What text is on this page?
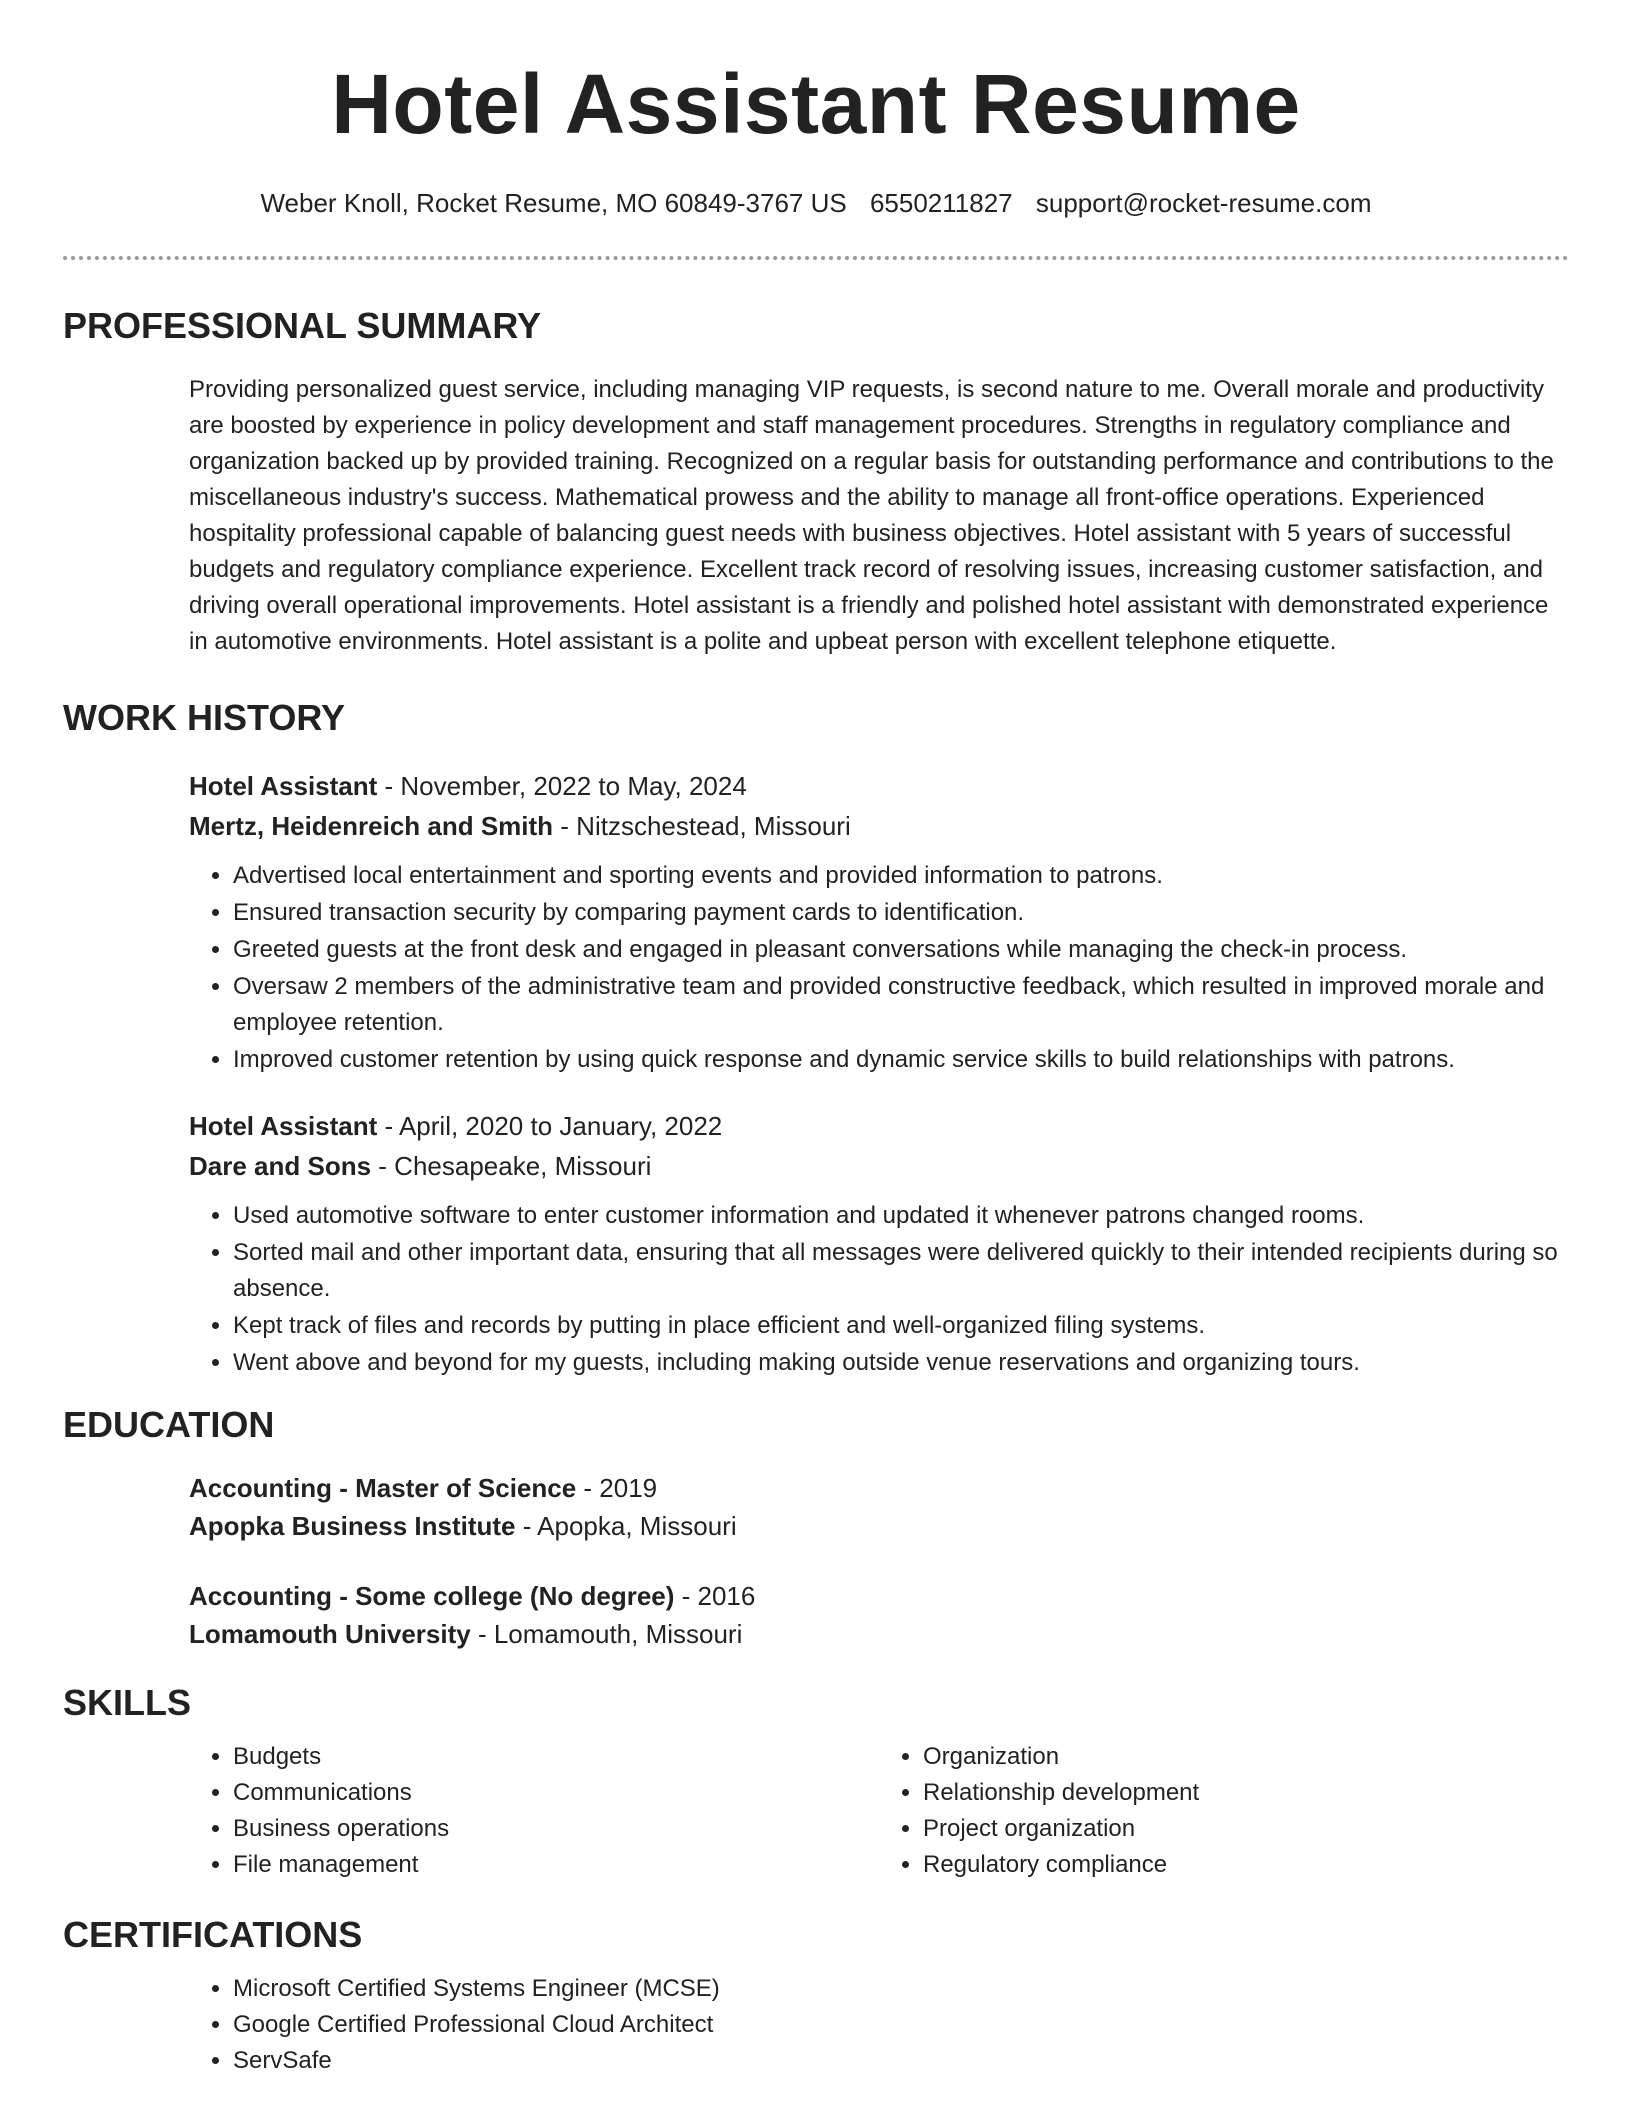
Hotel Assistant Resume
Weber Knoll, Rocket Resume, MO 60849-3767 US 6550211827 support@rocket-resume.com
PROFESSIONAL SUMMARY

Providing personalized guest service, including managing VIP requests, is second nature to me. Overall morale and productivity are boosted by experience in policy development and staff management procedures. Strengths in regulatory compliance and organization backed up by provided training. Recognized on a regular basis for outstanding performance and contributions to the miscellaneous industry's success. Mathematical prowess and the ability to manage all front-office operations. Experienced hospitality professional capable of balancing guest needs with business objectives. Hotel assistant with 5 years of successful budgets and regulatory compliance experience. Excellent track record of resolving issues, increasing customer satisfaction, and driving overall operational improvements. Hotel assistant is a friendly and polished hotel assistant with demonstrated experience in automotive environments. Hotel assistant is a polite and upbeat person with excellent telephone etiquette.

WORK HISTORY
Hotel Assistant - November, 2022 to May, 2024
Mertz, Heidenreich and Smith - Nitzschestead, Missouri
• Advertised local entertainment and sporting events and provided information to patrons.
• Ensured transaction security by comparing payment cards to identification.
• Greeted guests at the front desk and engaged in pleasant conversations while managing the check-in process.
• Oversaw 2 members of the administrative team and provided constructive feedback, which resulted in improved morale and employee retention.
• Improved customer retention by using quick response and dynamic service skills to build relationships with patrons.
Hotel Assistant - April, 2020 to January, 2022
Dare and Sons - Chesapeake, Missouri
• Used automotive software to enter customer information and updated it whenever patrons changed rooms.
• Sorted mail and other important data, ensuring that all messages were delivered quickly to their intended recipients during so absence.
• Kept track of files and records by putting in place efficient and well-organized filing systems.
• Went above and beyond for my guests, including making outside venue reservations and organizing tours.
EDUCATION
Accounting - Master of Science - 2019
Apopka Business Institute - Apopka, Missouri
Accounting - Some college (No degree) - 2016
Lomamouth University - Lomamouth, Missouri
SKILLS
• Budgets
• Communications
• Business operations
• File management
• Organization
• Relationship development
• Project organization
• Regulatory compliance
CERTIFICATIONS
• Microsoft Certified Systems Engineer (MCSE)
• Google Certified Professional Cloud Architect
• ServSafe
